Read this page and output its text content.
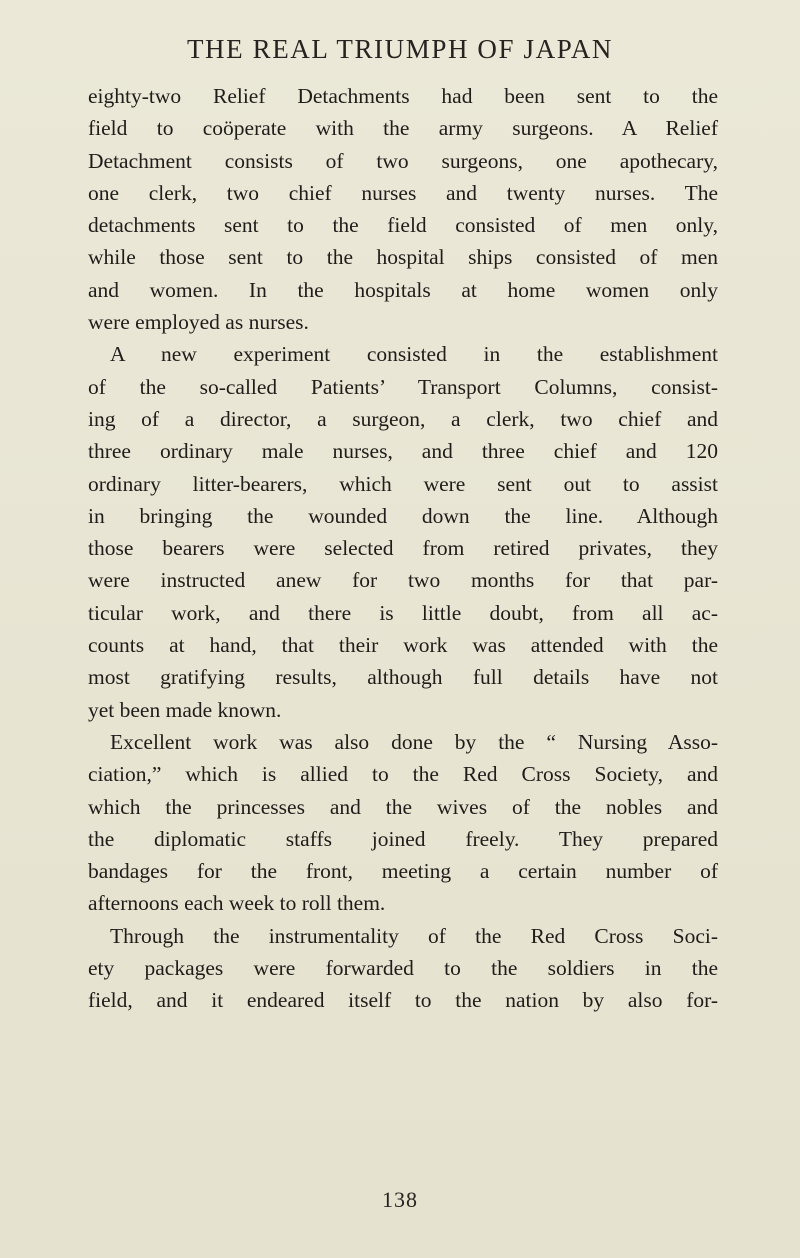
THE REAL TRIUMPH OF JAPAN
eighty-two Relief Detachments had been sent to the
field to coöperate with the army surgeons. A Relief
Detachment consists of two surgeons, one apothecary,
one clerk, two chief nurses and twenty nurses. The
detachments sent to the field consisted of men only,
while those sent to the hospital ships consisted of men
and women. In the hospitals at home women only
were employed as nurses.
A new experiment consisted in the establishment
of the so-called Patients’ Transport Columns, consist-
ing of a director, a surgeon, a clerk, two chief and
three ordinary male nurses, and three chief and 120
ordinary litter-bearers, which were sent out to assist
in bringing the wounded down the line. Although
those bearers were selected from retired privates, they
were instructed anew for two months for that par-
ticular work, and there is little doubt, from all ac-
counts at hand, that their work was attended with the
most gratifying results, although full details have not
yet been made known.
Excellent work was also done by the “ Nursing Asso-
ciation,” which is allied to the Red Cross Society, and
which the princesses and the wives of the nobles and
the diplomatic staffs joined freely. They prepared
bandages for the front, meeting a certain number of
afternoons each week to roll them.
Through the instrumentality of the Red Cross Soci-
ety packages were forwarded to the soldiers in the
field, and it endeared itself to the nation by also for-
138
